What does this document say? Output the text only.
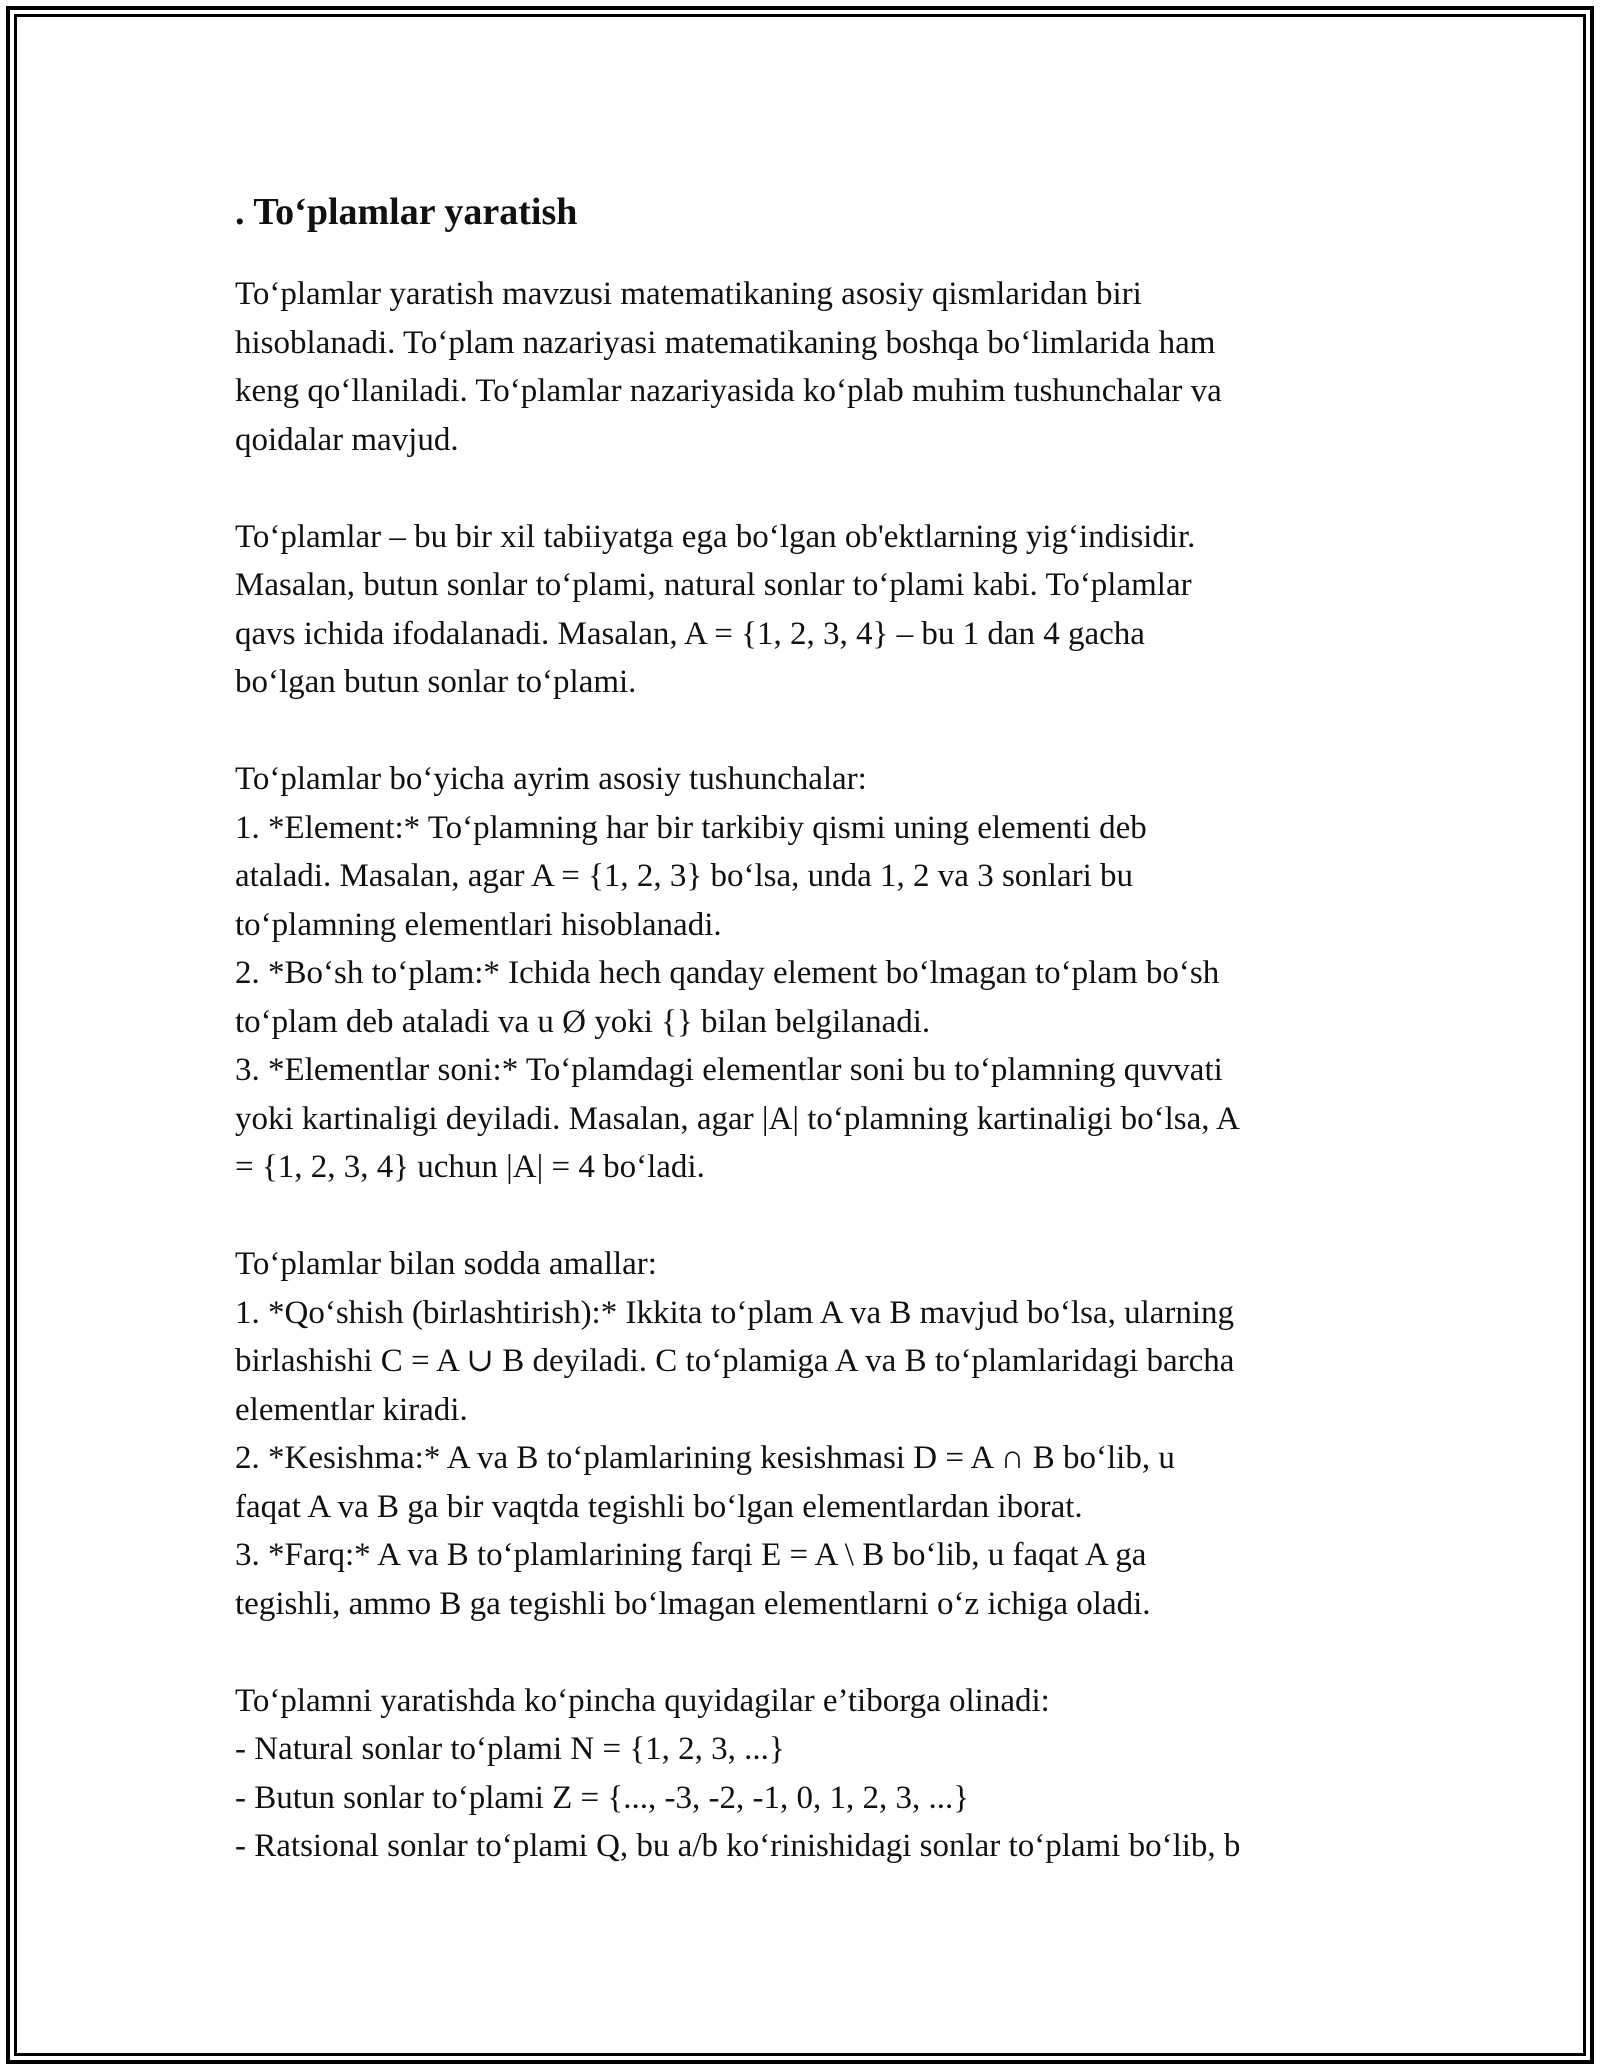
. To‘plamlar yaratish

To‘plamlar yaratish mavzusi matematikaning asosiy qismlaridan biri
hisoblanadi. To‘plam nazariyasi matematikaning boshqa bo‘limlarida ham
keng qo‘llaniladi. To‘plamlar nazariyasida ko‘plab muhim tushunchalar va
qoidalar mavjud.

To‘plamlar – bu bir xil tabiiyatga ega bo‘lgan ob'ektlarning yig‘indisidir.
Masalan, butun sonlar to‘plami, natural sonlar to‘plami kabi. To‘plamlar
qavs ichida ifodalanadi. Masalan, A = {1, 2, 3, 4} – bu 1 dan 4 gacha
bo‘lgan butun sonlar to‘plami.

To‘plamlar bo‘yicha ayrim asosiy tushunchalar:
1. *Element:* To‘plamning har bir tarkibiy qismi uning elementi deb
ataladi. Masalan, agar A = {1, 2, 3} bo‘lsa, unda 1, 2 va 3 sonlari bu
to‘plamning elementlari hisoblanadi.
2. *Bo‘sh to‘plam:* Ichida hech qanday element bo‘lmagan to‘plam bo‘sh
to‘plam deb ataladi va u Ø yoki {} bilan belgilanadi.
3. *Elementlar soni:* To‘plamdagi elementlar soni bu to‘plamning quvvati
yoki kartinaligi deyiladi. Masalan, agar |A| to‘plamning kartinaligi bo‘lsa, A
= {1, 2, 3, 4} uchun |A| = 4 bo‘ladi.

To‘plamlar bilan sodda amallar:
1. *Qo‘shish (birlashtirish):* Ikkita to‘plam A va B mavjud bo‘lsa, ularning
birlashishi C = A ∪ B deyiladi. C to‘plamiga A va B to‘plamlaridagi barcha
elementlar kiradi.
2. *Kesishma:* A va B to‘plamlarining kesishmasi D = A ∩ B bo‘lib, u
faqat A va B ga bir vaqtda tegishli bo‘lgan elementlardan iborat.
3. *Farq:* A va B to‘plamlarining farqi E = A \ B bo‘lib, u faqat A ga
tegishli, ammo B ga tegishli bo‘lmagan elementlarni o‘z ichiga oladi.

To‘plamni yaratishda ko‘pincha quyidagilar e’tiborga olinadi:
- Natural sonlar to‘plami N = {1, 2, 3, ...}
- Butun sonlar to‘plami Z = {..., -3, -2, -1, 0, 1, 2, 3, ...}
- Ratsional sonlar to‘plami Q, bu a/b ko‘rinishidagi sonlar to‘plami bo‘lib, b
